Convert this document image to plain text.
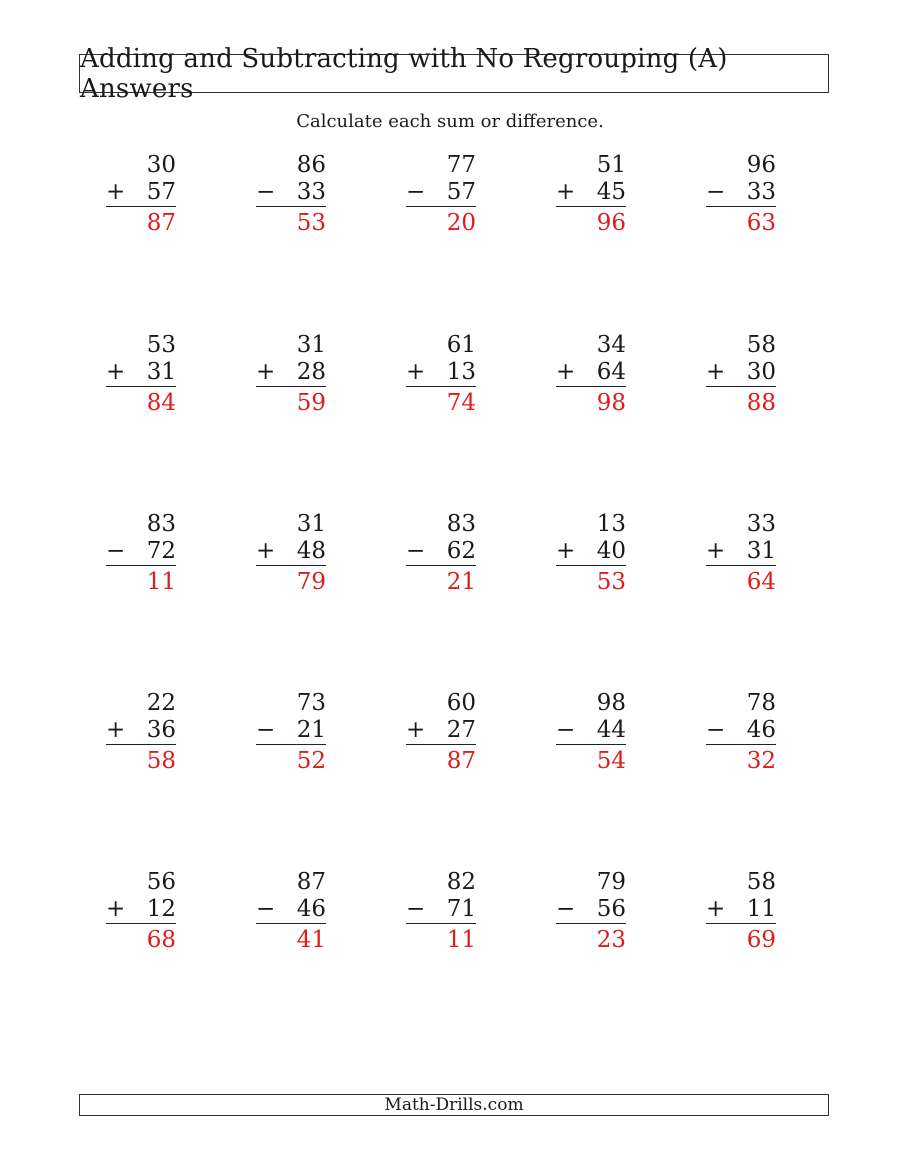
Adding and Subtracting with No Regrouping (A) Answers
Calculate each sum or difference.
30
+ 57
87
86
− 33
53
77
− 57
20
51
+ 45
96
96
− 33
63
53
+ 31
84
31
+ 28
59
61
+ 13
74
34
+ 64
98
58
+ 30
88
83
− 72
11
31
+ 48
79
83
− 62
21
13
+ 40
53
33
+ 31
64
22
+ 36
58
73
− 21
52
60
+ 27
87
98
− 44
54
78
− 46
32
56
+ 12
68
87
− 46
41
82
− 71
11
79
− 56
23
58
+ 11
69
Math-Drills.com
